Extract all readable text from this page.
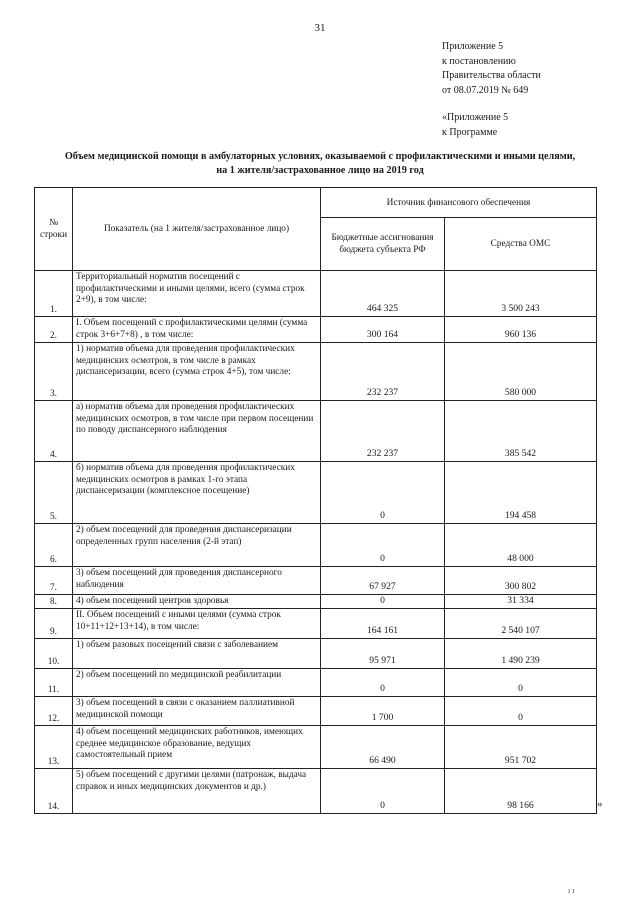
31
Приложение 5
к постановлению
Правительства области
от 08.07.2019 № 649
«Приложение 5
к Программе
Объем медицинской помощи в амбулаторных условиях, оказываемой с профилактическими и иными целями,
на 1 жителя/застрахованное лицо на 2019 год
№ строки	Показатель (на 1 жителя/застрахованное лицо)	Источник финансового обеспечения	
		Бюджетные ассигнования бюджета субъекта РФ	Средства ОМС
1.	Территориальный норматив посещений с профилактическими и иными целями, всего (сумма строк 2+9), в том числе:	464 325	3 500 243
2.	I. Объем посещений с профилактическими целями (сумма строк 3+6+7+8) , в том числе:	300 164	960 136
3.	1) норматив объема для проведения профилактических медицинских осмотров, в том числе в рамках диспансеризации, всего (сумма строк 4+5), том числе:	232 237	580 000
4.	а) норматив объема для проведения профилактических медицинских осмотров, в том числе при первом посещении по поводу диспансерного наблюдения	232 237	385 542
5.	б) норматив объема для проведения профилактических медицинских осмотров в рамках 1-го этапа диспансеризации (комплексное посещение)	0	194 458
6.	2) объем посещений для проведения диспансеризации определенных групп населения (2-й этап)	0	48 000
7.	3) объем посещений для проведения диспансерного наблюдения	67 927	300 802
8.	4) объем посещений центров здоровья	0	31 334
9.	II. Объем посещений с иными целями (сумма строк 10+11+12+13+14), в том числе:	164 161	2 540 107
10.	1) объем разовых посещений связи с заболеванием	95 971	1 490 239
11.	2) объем посещений по медицинской реабилитации	0	0
12.	3) объем посещений в связи с оказанием паллиативной медицинской помощи	1 700	0
13.	4) объем посещений медицинских работников, имеющих среднее медицинское образование, ведущих самостоятельный прием	66 490	951 702
14.	5) объем посещений с другими целями (патронаж, выдача справок и иных медицинских документов и др.)	0	98 166	»
ı ı
